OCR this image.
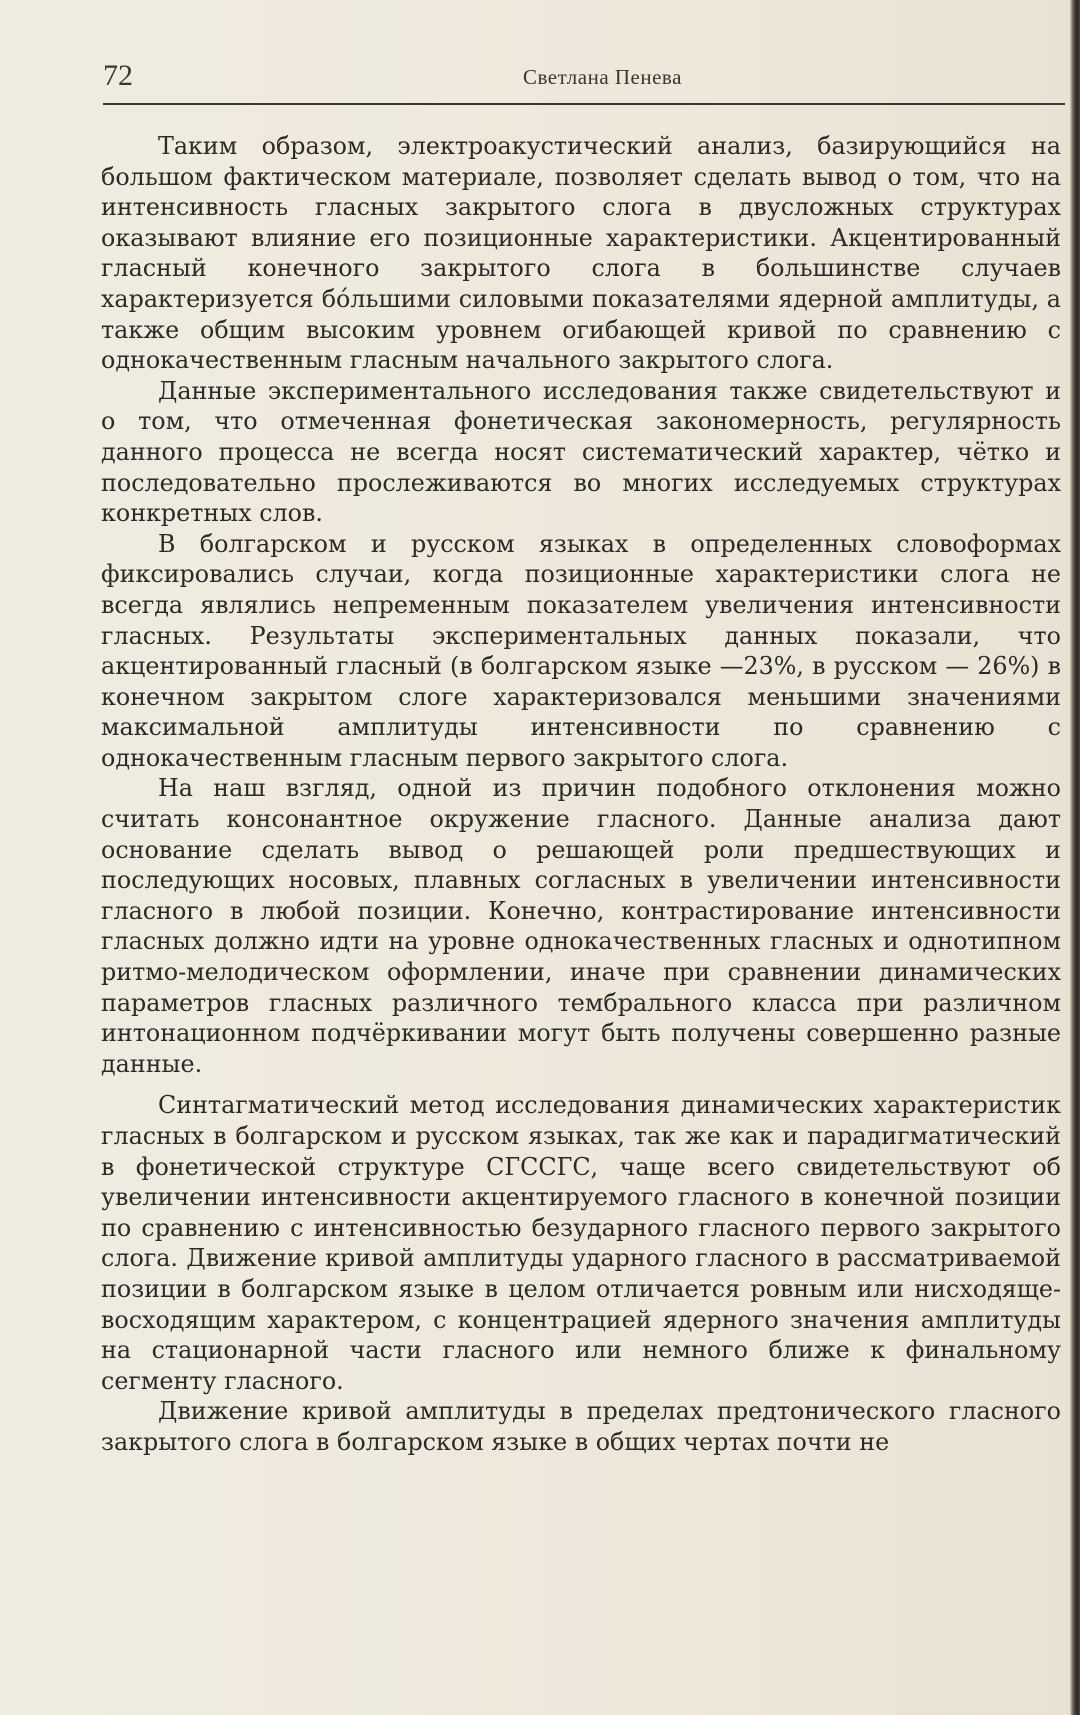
72	Светлана Пенева

Таким образом, электроакустический анализ, базирующийся на большом фактическом материале, позволяет сделать вывод о том, что на интенсивность гласных закрытого слога в двусложных структурах оказывают влияние его позиционные характеристики. Акцентированный гласный конечного закрытого слога в большинстве случаев характеризуется бо́льшими силовыми показателями ядерной амплитуды, а также общим высоким уровнем огибающей кривой по сравнению с однокачественным гласным начального закрытого слога.

Данные экспериментального исследования также свидетельствуют и о том, что отмеченная фонетическая закономерность, регулярность данного процесса не всегда носят систематический характер, чётко и последовательно прослеживаются во многих исследуемых структурах конкретных слов.

В болгарском и русском языках в определенных словоформах фиксировались случаи, когда позиционные характеристики слога не всегда являлись непременным показателем увеличения интенсивности гласных. Результаты экспериментальных данных показали, что акцентированный гласный (в болгарском языке —23%, в русском — 26%) в конечном закрытом слоге характеризовался меньшими значениями максимальной амплитуды интенсивности по сравнению с однокачественным гласным первого закрытого слога.

На наш взгляд, одной из причин подобного отклонения можно считать консонантное окружение гласного. Данные анализа дают основание сделать вывод о решающей роли предшествующих и последующих носовых, плавных согласных в увеличении интенсивности гласного в любой позиции. Конечно, контрастирование интенсивности гласных должно идти на уровне однокачественных гласных и однотипном ритмо-мелодическом оформлении, иначе при сравнении динамических параметров гласных различного тембрального класса при различном интонационном подчёркивании могут быть получены совершенно разные данные.

Синтагматический метод исследования динамических характеристик гласных в болгарском и русском языках, так же как и парадигматический в фонетической структуре СГССГС, чаще всего свидетельствуют об увеличении интенсивности акцентируемого гласного в конечной позиции по сравнению с интенсивностью безударного гласного первого закрытого слога. Движение кривой амплитуды ударного гласного в рассматриваемой позиции в болгарском языке в целом отличается ровным или нисходяще-восходящим характером, с концентрацией ядерного значения амплитуды на стационарной части гласного или немного ближе к финальному сегменту гласного.

Движение кривой амплитуды в пределах предтонического гласного закрытого слога в болгарском языке в общих чертах почти не
